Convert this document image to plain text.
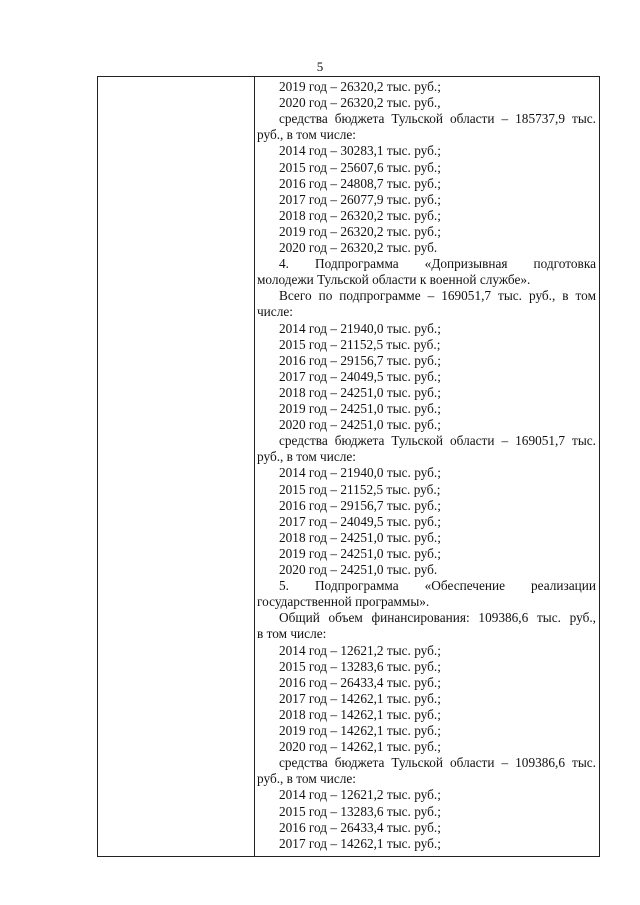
5
2019 год – 26320,2 тыс. руб.;
2020 год – 26320,2 тыс. руб.,
средства бюджета Тульской области – 185737,9 тыс.
руб., в том числе:
2014 год – 30283,1 тыс. руб.;
2015 год – 25607,6 тыс. руб.;
2016 год – 24808,7 тыс. руб.;
2017 год – 26077,9 тыс. руб.;
2018 год – 26320,2 тыс. руб.;
2019 год – 26320,2 тыс. руб.;
2020 год – 26320,2 тыс. руб.
4. Подпрограмма «Допризывная подготовка
молодежи Тульской области к военной службе».
Всего по подпрограмме – 169051,7 тыс. руб., в том
числе:
2014 год – 21940,0 тыс. руб.;
2015 год – 21152,5 тыс. руб.;
2016 год – 29156,7 тыс. руб.;
2017 год – 24049,5 тыс. руб.;
2018 год – 24251,0 тыс. руб.;
2019 год – 24251,0 тыс. руб.;
2020 год – 24251,0 тыс. руб.;
средства бюджета Тульской области – 169051,7 тыс.
руб., в том числе:
2014 год – 21940,0 тыс. руб.;
2015 год – 21152,5 тыс. руб.;
2016 год – 29156,7 тыс. руб.;
2017 год – 24049,5 тыс. руб.;
2018 год – 24251,0 тыс. руб.;
2019 год – 24251,0 тыс. руб.;
2020 год – 24251,0 тыс. руб.
5. Подпрограмма «Обеспечение реализации
государственной программы».
Общий объем финансирования: 109386,6 тыс. руб.,
в том числе:
2014 год – 12621,2 тыс. руб.;
2015 год – 13283,6 тыс. руб.;
2016 год – 26433,4 тыс. руб.;
2017 год – 14262,1 тыс. руб.;
2018 год – 14262,1 тыс. руб.;
2019 год – 14262,1 тыс. руб.;
2020 год – 14262,1 тыс. руб.;
средства бюджета Тульской области – 109386,6 тыс.
руб., в том числе:
2014 год – 12621,2 тыс. руб.;
2015 год – 13283,6 тыс. руб.;
2016 год – 26433,4 тыс. руб.;
2017 год – 14262,1 тыс. руб.;
